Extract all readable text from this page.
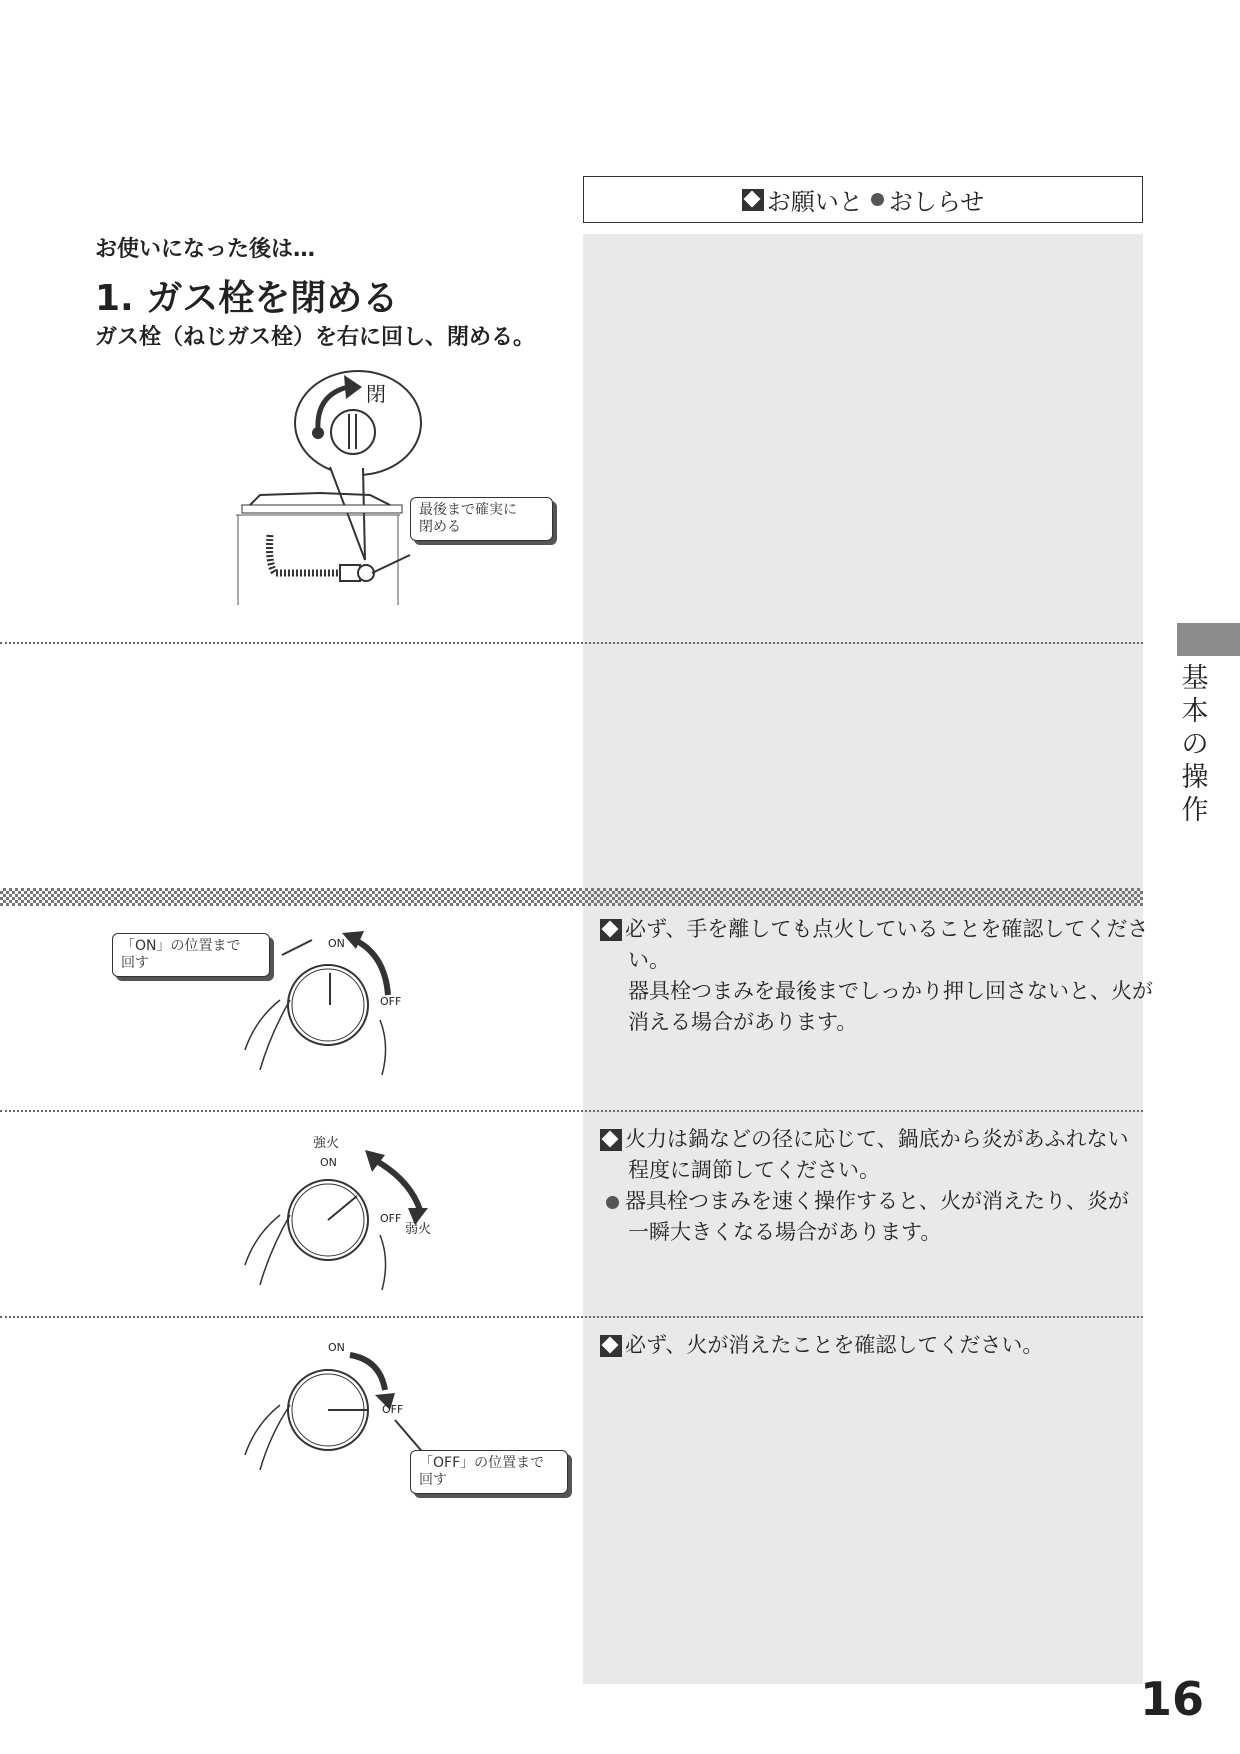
お願いと おしらせ
お使いになった後は…
1. ガス栓を閉める
ガス栓（ねじガス栓）を右に回し、閉める。
閉
最後まで確実に
閉める
「ON」の位置まで
回す
ON
OFF
必ず、手を離しても点火していることを確認してくださ
い。
器具栓つまみを最後までしっかり押し回さないと、火が
消える場合があります。
強火
ON
OFF
弱火
火力は鍋などの径に応じて、鍋底から炎があふれない
程度に調節してください。
器具栓つまみを速く操作すると、火が消えたり、炎が
一瞬大きくなる場合があります。
ON
OFF
「OFF」の位置まで
回す
必ず、火が消えたことを確認してください。
基
本
の
操
作
16
